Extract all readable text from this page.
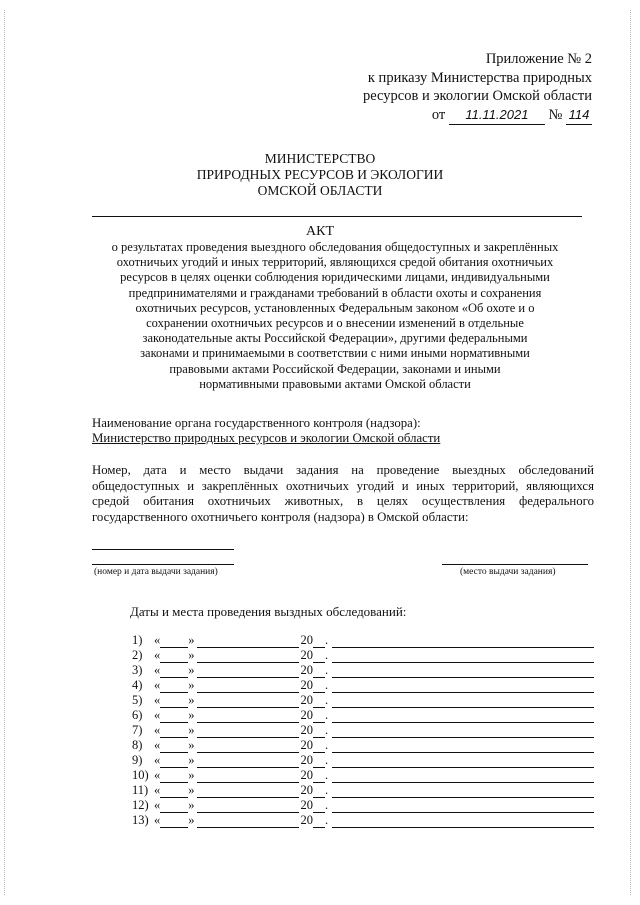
Приложение № 2
к приказу Министерства природных
ресурсов и экологии Омской области
от 11.11.2021 № 114
МИНИСТЕРСТВО
ПРИРОДНЫХ РЕСУРСОВ И ЭКОЛОГИИ
ОМСКОЙ ОБЛАСТИ
АКТ
о результатах проведения выездного обследования общедоступных и закреплённых
охотничьих угодий и иных территорий, являющихся средой обитания охотничьих
ресурсов в целях оценки соблюдения юридическими лицами, индивидуальными
предпринимателями и гражданами требований в области охоты и сохранения
охотничьих ресурсов, установленных Федеральным законом «Об охоте и о
сохранении охотничьих ресурсов и о внесении изменений в отдельные
законодательные акты Российской Федерации», другими федеральными
законами и принимаемыми в соответствии с ними иными нормативными
правовыми актами Российской Федерации, законами и иными
нормативными правовыми актами Омской области
Наименование органа государственного контроля (надзора):
Министерство природных ресурсов и экологии Омской области
Номер, дата и место выдачи задания на проведение выездных обследований общедоступных и закреплённых охотничьих угодий и иных территорий, являющихся средой обитания охотничьих животных, в целях осуществления федерального государственного охотничьего контроля (надзора) в Омской области:
(номер и дата выдачи задания)	(место выдачи задания)
Даты и места проведения выздных обследований:
1) « »	20 .
2) « »	20 .
3) « »	20 .
4) « »	20 .
5) « »	20 .
6) « »	20 .
7) « »	20 .
8) « »	20 .
9) « »	20 .
10) « »	20 .
11) « »	20 .
12) « »	20 .
13) « »	20 .
